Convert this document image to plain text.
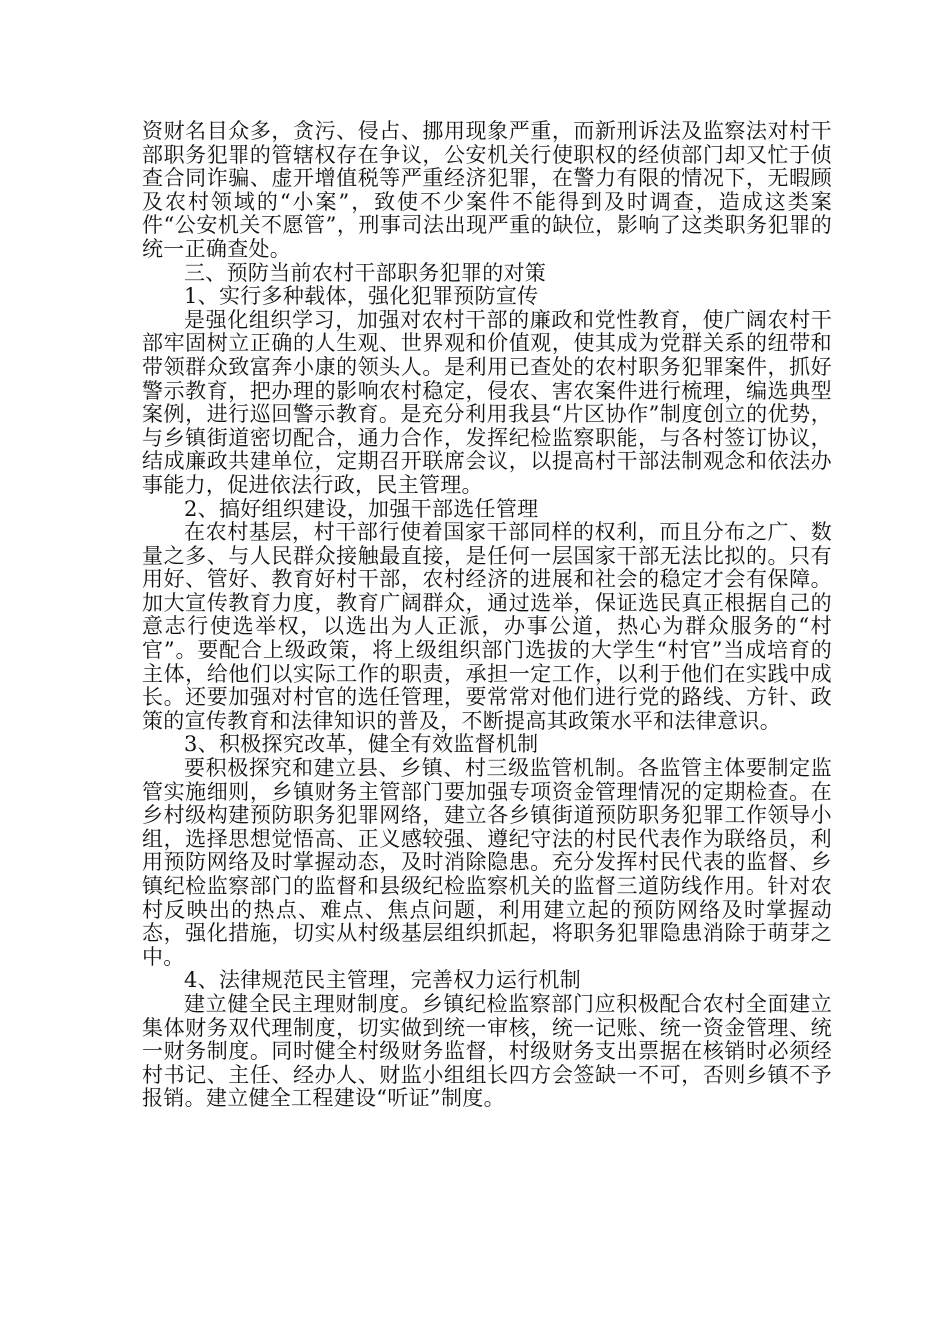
资财名目众多，贪污、侵占、挪用现象严重，而新刑诉法及监察法对村干部职务犯罪的管辖权存在争议，公安机关行使职权的经侦部门却又忙于侦查合同诈骗、虚开增值税等严重经济犯罪，在警力有限的情况下，无暇顾及农村领域的“小案”，致使不少案件不能得到及时调查，造成这类案件“公安机关不愿管”，刑事司法出现严重的缺位，影响了这类职务犯罪的统一正确查处。

三、预防当前农村干部职务犯罪的对策

1、实行多种载体，强化犯罪预防宣传

是强化组织学习，加强对农村干部的廉政和党性教育，使广阔农村干部牢固树立正确的人生观、世界观和价值观，使其成为党群关系的纽带和带领群众致富奔小康的领头人。是利用已查处的农村职务犯罪案件，抓好警示教育，把办理的影响农村稳定，侵农、害农案件进行梳理，编选典型案例，进行巡回警示教育。是充分利用我县“片区协作”制度创立的优势，与乡镇街道密切配合，通力合作，发挥纪检监察职能，与各村签订协议，结成廉政共建单位，定期召开联席会议，以提高村干部法制观念和依法办事能力，促进依法行政，民主管理。

2、搞好组织建设，加强干部选任管理

在农村基层，村干部行使着国家干部同样的权利，而且分布之广、数量之多、与人民群众接触最直接，是任何一层国家干部无法比拟的。只有用好、管好、教育好村干部，农村经济的进展和社会的稳定才会有保障。加大宣传教育力度，教育广阔群众，通过选举，保证选民真正根据自己的意志行使选举权，以选出为人正派，办事公道，热心为群众服务的“村官”。要配合上级政策，将上级组织部门选拔的大学生“村官”当成培育的主体，给他们以实际工作的职责，承担一定工作，以利于他们在实践中成长。还要加强对村官的选任管理，要常常对他们进行党的路线、方针、政策的宣传教育和法律知识的普及，不断提高其政策水平和法律意识。

3、积极探究改革，健全有效监督机制

要积极探究和建立县、乡镇、村三级监管机制。各监管主体要制定监管实施细则，乡镇财务主管部门要加强专项资金管理情况的定期检查。在乡村级构建预防职务犯罪网络，建立各乡镇街道预防职务犯罪工作领导小组，选择思想觉悟高、正义感较强、遵纪守法的村民代表作为联络员，利用预防网络及时掌握动态，及时消除隐患。充分发挥村民代表的监督、乡镇纪检监察部门的监督和县级纪检监察机关的监督三道防线作用。针对农村反映出的热点、难点、焦点问题，利用建立起的预防网络及时掌握动态，强化措施，切实从村级基层组织抓起，将职务犯罪隐患消除于萌芽之中。

4、法律规范民主管理，完善权力运行机制

建立健全民主理财制度。乡镇纪检监察部门应积极配合农村全面建立集体财务双代理制度，切实做到统一审核，统一记账、统一资金管理、统一财务制度。同时健全村级财务监督，村级财务支出票据在核销时必须经村书记、主任、经办人、财监小组组长四方会签缺一不可，否则乡镇不予报销。建立健全工程建设“听证”制度。
